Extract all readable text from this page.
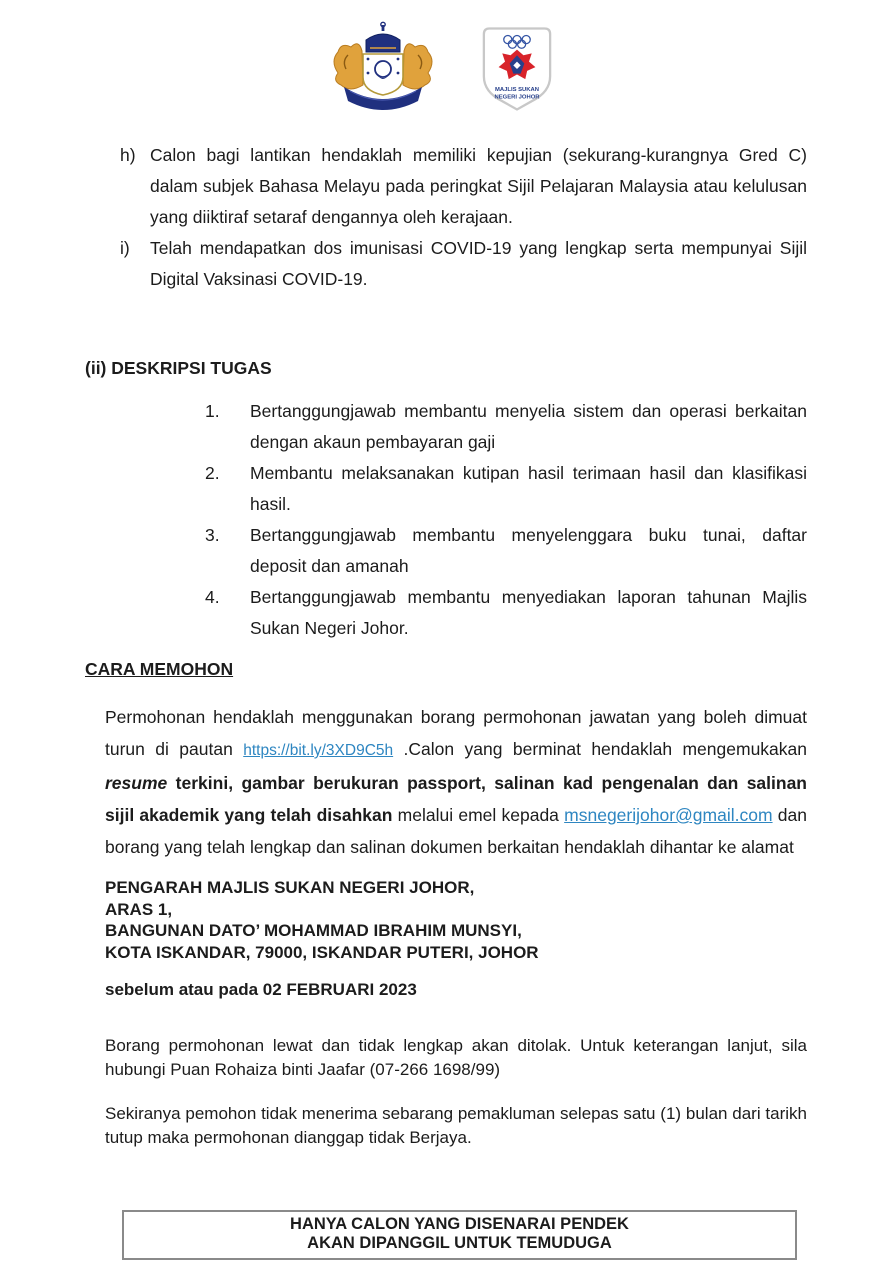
MAJLIS SUKAN
NEGERI JOHOR
h) Calon bagi lantikan hendaklah memiliki kepujian (sekurang-kurangnya Gred C) dalam subjek Bahasa Melayu pada peringkat Sijil Pelajaran Malaysia atau kelulusan yang diiktiraf setaraf dengannya oleh kerajaan.
i)	Telah mendapatkan dos imunisasi COVID-19 yang lengkap serta mempunyai Sijil Digital Vaksinasi COVID-19.
(ii) DESKRIPSI TUGAS
1.	Bertanggungjawab membantu menyelia sistem dan operasi berkaitan dengan akaun pembayaran gaji
2.	Membantu melaksanakan kutipan hasil terimaan hasil dan klasifikasi hasil.
3.	Bertanggungjawab membantu menyelenggara buku tunai, daftar deposit dan amanah
4.	Bertanggungjawab membantu menyediakan laporan tahunan Majlis Sukan Negeri Johor.
CARA MEMOHON
Permohonan hendaklah menggunakan borang permohonan jawatan yang boleh dimuat turun di pautan https://bit.ly/3XD9C5h .Calon yang berminat hendaklah mengemukakan resume terkini, gambar berukuran passport, salinan kad pengenalan dan salinan sijil akademik yang telah disahkan melalui emel kepada msnegerijohor@gmail.com dan borang yang telah lengkap dan salinan dokumen berkaitan hendaklah dihantar ke alamat
PENGARAH MAJLIS SUKAN NEGERI JOHOR,
ARAS 1,
BANGUNAN DATO’ MOHAMMAD IBRAHIM MUNSYI,
KOTA ISKANDAR, 79000, ISKANDAR PUTERI, JOHOR
sebelum atau pada 02 FEBRUARI 2023
Borang permohonan lewat dan tidak lengkap akan ditolak. Untuk keterangan lanjut, sila hubungi Puan Rohaiza binti Jaafar (07-266 1698/99)
Sekiranya pemohon tidak menerima sebarang pemakluman selepas satu (1) bulan dari tarikh tutup maka permohonan dianggap tidak Berjaya.
HANYA CALON YANG DISENARAI PENDEK
AKAN DIPANGGIL UNTUK TEMUDUGA
